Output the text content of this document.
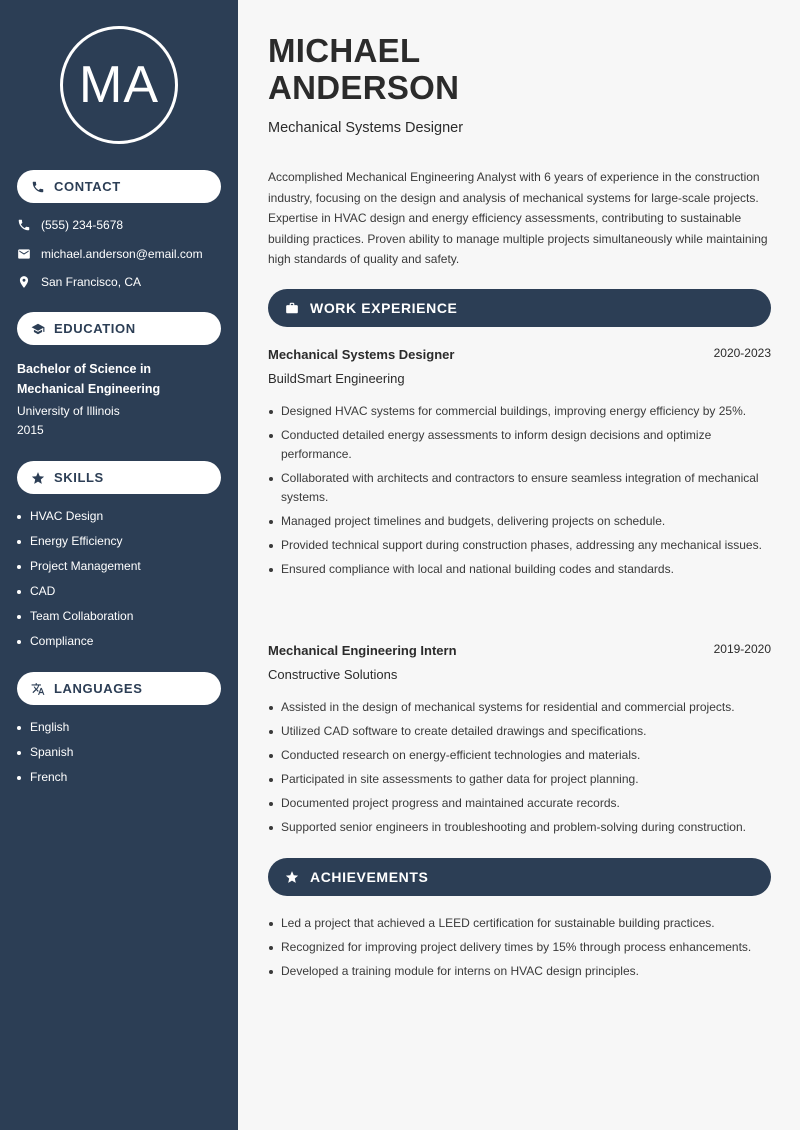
MA
CONTACT
(555) 234-5678
michael.anderson@email.com
San Francisco, CA
EDUCATION
Bachelor of Science in Mechanical Engineering
University of Illinois
2015
SKILLS
HVAC Design
Energy Efficiency
Project Management
CAD
Team Collaboration
Compliance
LANGUAGES
English
Spanish
French
MICHAEL
ANDERSON
Mechanical Systems Designer

Accomplished Mechanical Engineering Analyst with 6 years of experience in the construction industry, focusing on the design and analysis of mechanical systems for large-scale projects. Expertise in HVAC design and energy efficiency assessments, contributing to sustainable building practices. Proven ability to manage multiple projects simultaneously while maintaining high standards of quality and safety.

WORK EXPERIENCE
Mechanical Systems Designer	2020-2023
BuildSmart Engineering
Designed HVAC systems for commercial buildings, improving energy efficiency by 25%.
Conducted detailed energy assessments to inform design decisions and optimize performance.
Collaborated with architects and contractors to ensure seamless integration of mechanical systems.
Managed project timelines and budgets, delivering projects on schedule.
Provided technical support during construction phases, addressing any mechanical issues.
Ensured compliance with local and national building codes and standards.
Mechanical Engineering Intern	2019-2020
Constructive Solutions
Assisted in the design of mechanical systems for residential and commercial projects.
Utilized CAD software to create detailed drawings and specifications.
Conducted research on energy-efficient technologies and materials.
Participated in site assessments to gather data for project planning.
Documented project progress and maintained accurate records.
Supported senior engineers in troubleshooting and problem-solving during construction.
ACHIEVEMENTS
Led a project that achieved a LEED certification for sustainable building practices.
Recognized for improving project delivery times by 15% through process enhancements.
Developed a training module for interns on HVAC design principles.
